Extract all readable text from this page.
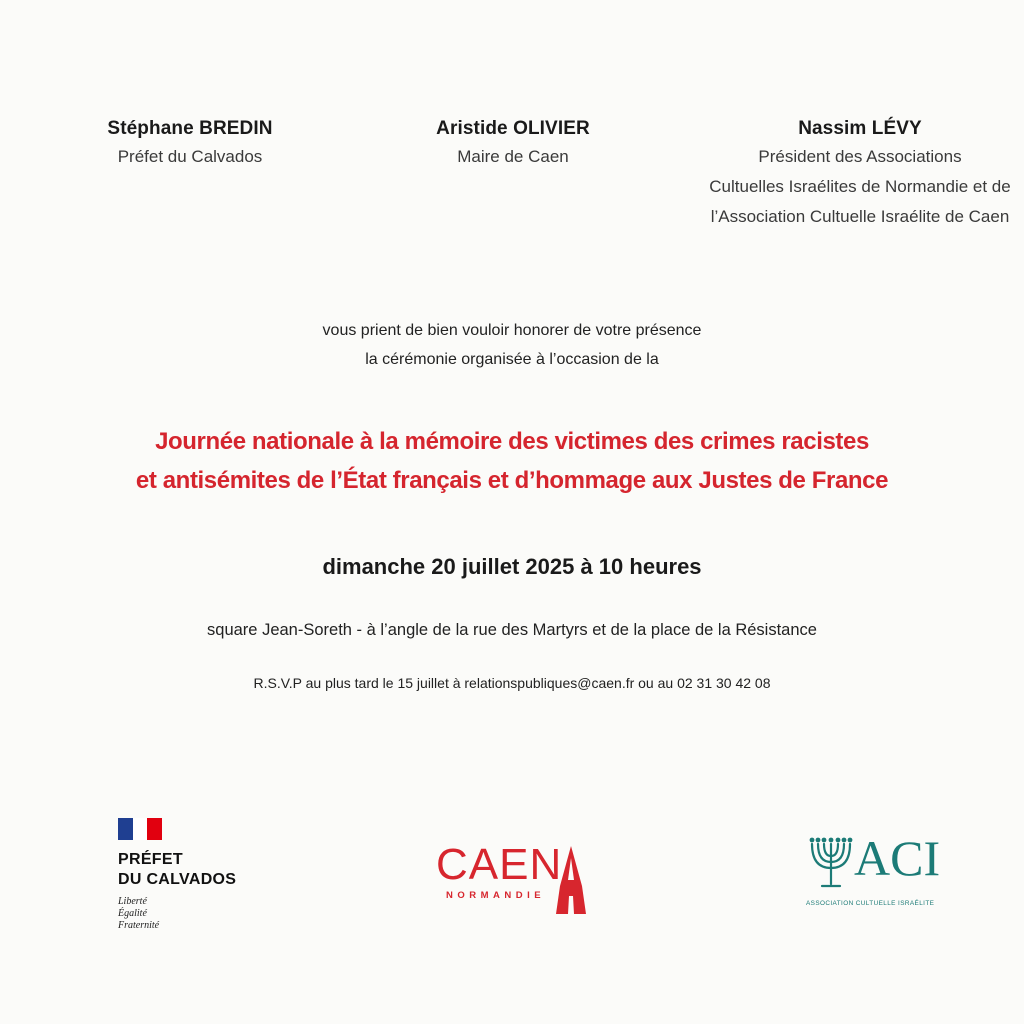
Stéphane BREDIN
Préfet du Calvados
Aristide OLIVIER
Maire de Caen
Nassim LÉVY
Président des Associations
Cultuelles Israélites de Normandie et de
l’Association Cultuelle Israélite de Caen
vous prient de bien vouloir honorer de votre présence
la cérémonie organisée à l’occasion de la
Journée nationale à la mémoire des victimes des crimes racistes
et antisémites de l’État français et d’hommage aux Justes de France
dimanche 20 juillet 2025 à 10 heures
square Jean-Soreth - à l’angle de la rue des Martyrs et de la place de la Résistance
R.S.V.P au plus tard le 15 juillet à relationspubliques@caen.fr ou au 02 31 30 42 08
PRÉFET
DU CALVADOS
Liberté
Égalité
Fraternité
CAEN
NORMANDIE
ACI
ASSOCIATION CULTUELLE ISRAÉLITE
